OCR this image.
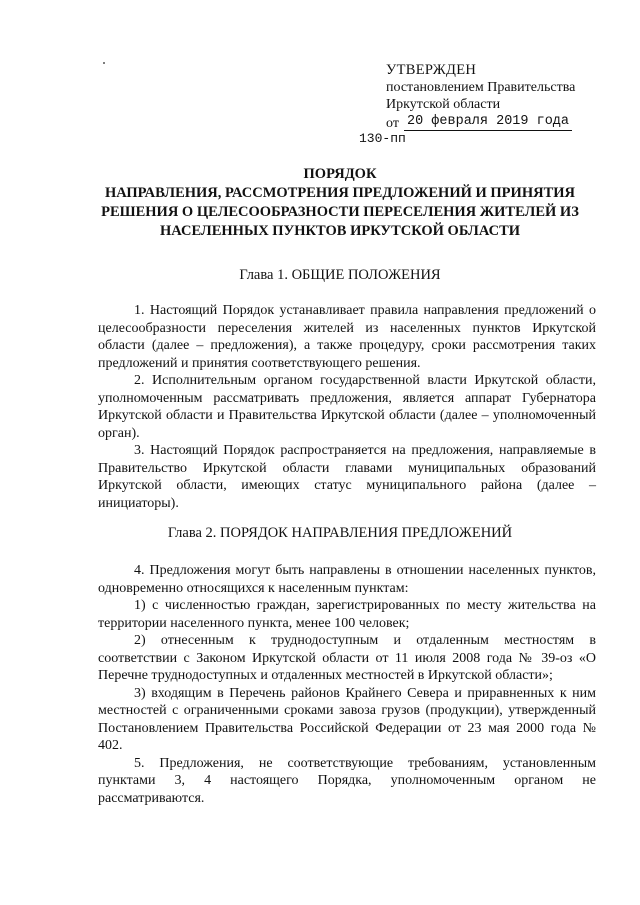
УТВЕРЖДЕН
постановлением Правительства
Иркутской области
от 20 февраля 2019 года
130-пп
ПОРЯДОК
НАПРАВЛЕНИЯ, РАССМОТРЕНИЯ ПРЕДЛОЖЕНИЙ И ПРИНЯТИЯ
РЕШЕНИЯ О ЦЕЛЕСООБРАЗНОСТИ ПЕРЕСЕЛЕНИЯ ЖИТЕЛЕЙ ИЗ
НАСЕЛЕННЫХ ПУНКТОВ ИРКУТСКОЙ ОБЛАСТИ
Глава 1. ОБЩИЕ ПОЛОЖЕНИЯ

1. Настоящий Порядок устанавливает правила направления предложений о целесообразности переселения жителей из населенных пунктов Иркутской области (далее – предложения), а также процедуру, сроки рассмотрения таких предложений и принятия соответствующего решения.

2. Исполнительным органом государственной власти Иркутской области, уполномоченным рассматривать предложения, является аппарат Губернатора Иркутской области и Правительства Иркутской области (далее – уполномоченный орган).

3. Настоящий Порядок распространяется на предложения, направляемые в Правительство Иркутской области главами муниципальных образований Иркутской области, имеющих статус муниципального района (далее – инициаторы).

Глава 2. ПОРЯДОК НАПРАВЛЕНИЯ ПРЕДЛОЖЕНИЙ

4. Предложения могут быть направлены в отношении населенных пунктов, одновременно относящихся к населенным пунктам:

1) с численностью граждан, зарегистрированных по месту жительства на территории населенного пункта, менее 100 человек;

2) отнесенным к труднодоступным и отдаленным местностям в соответствии с Законом Иркутской области от 11 июля 2008 года № 39-оз «О Перечне труднодоступных и отдаленных местностей в Иркутской области»;

3) входящим в Перечень районов Крайнего Севера и приравненных к ним местностей с ограниченными сроками завоза грузов (продукции), утвержденный Постановлением Правительства Российской Федерации от 23 мая 2000 года № 402.

5. Предложения, не соответствующие требованиям, установленным пунктами 3, 4 настоящего Порядка, уполномоченным органом не рассматриваются.
